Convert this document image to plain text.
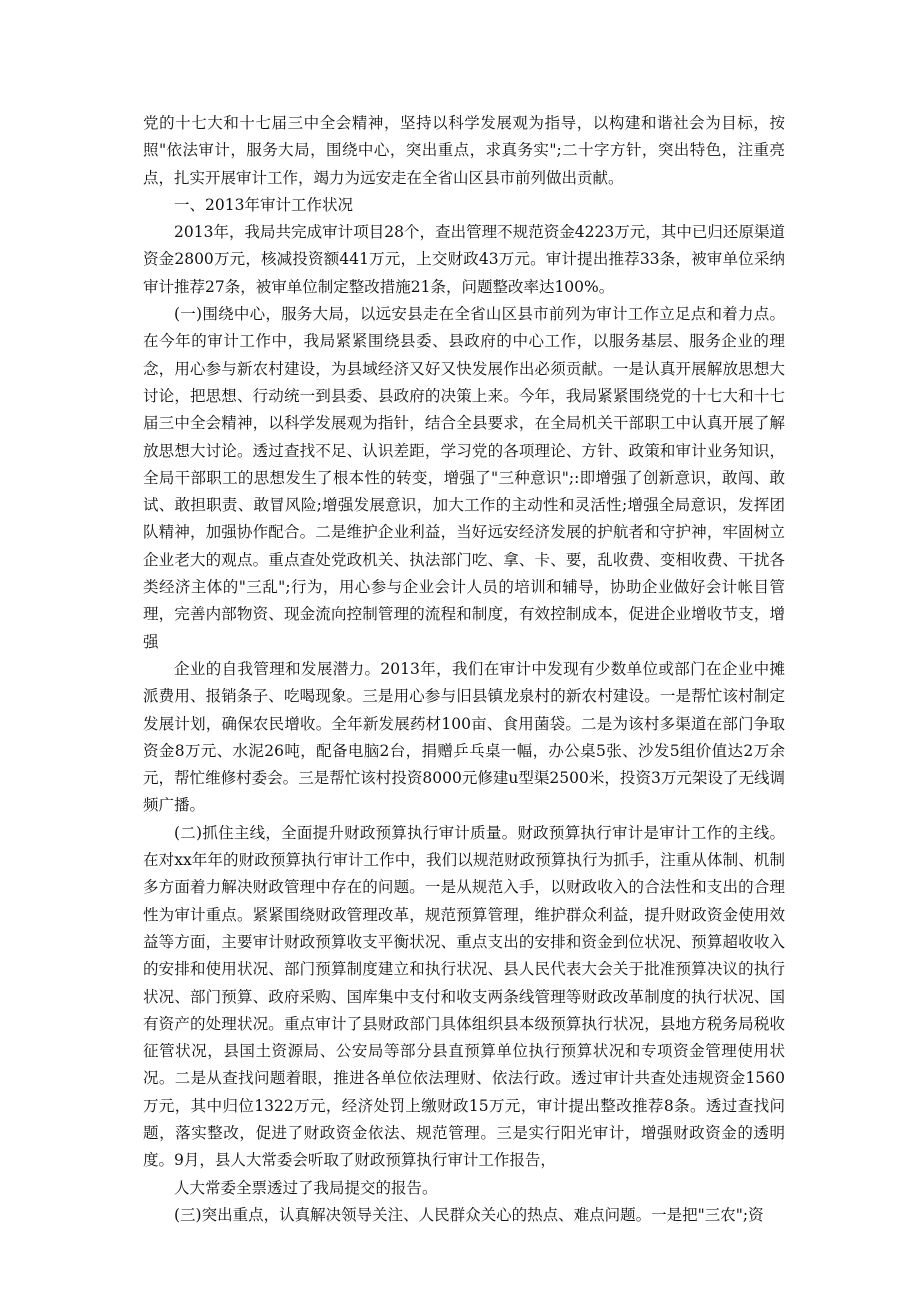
党的十七大和十七届三中全会精神，坚持以科学发展观为指导，以构建和谐社会为目标，按照"依法审计，服务大局，围绕中心，突出重点，求真务实";二十字方针，突出特色，注重亮点，扎实开展审计工作，竭力为远安走在全省山区县市前列做出贡献。

一、2013年审计工作状况

2013年，我局共完成审计项目28个，查出管理不规范资金4223万元，其中已归还原渠道资金2800万元，核减投资额441万元，上交财政43万元。审计提出推荐33条，被审单位采纳审计推荐27条，被审单位制定整改措施21条，问题整改率达100%。

(一)围绕中心，服务大局，以远安县走在全省山区县市前列为审计工作立足点和着力点。在今年的审计工作中，我局紧紧围绕县委、县政府的中心工作，以服务基层、服务企业的理念，用心参与新农村建设，为县域经济又好又快发展作出必须贡献。一是认真开展解放思想大讨论，把思想、行动统一到县委、县政府的决策上来。今年，我局紧紧围绕党的十七大和十七届三中全会精神，以科学发展观为指针，结合全县要求，在全局机关干部职工中认真开展了解放思想大讨论。透过查找不足、认识差距，学习党的各项理论、方针、政策和审计业务知识，全局干部职工的思想发生了根本性的转变，增强了"三种意识";:即增强了创新意识，敢闯、敢试、敢担职责、敢冒风险;增强发展意识，加大工作的主动性和灵活性;增强全局意识，发挥团队精神，加强协作配合。二是维护企业利益，当好远安经济发展的护航者和守护神，牢固树立企业老大的观点。重点查处党政机关、执法部门吃、拿、卡、要，乱收费、变相收费、干扰各类经济主体的"三乱";行为，用心参与企业会计人员的培训和辅导，协助企业做好会计帐目管理，完善内部物资、现金流向控制管理的流程和制度，有效控制成本，促进企业增收节支，增强

企业的自我管理和发展潜力。2013年，我们在审计中发现有少数单位或部门在企业中摊派费用、报销条子、吃喝现象。三是用心参与旧县镇龙泉村的新农村建设。一是帮忙该村制定发展计划，确保农民增收。全年新发展药材100亩、食用菌袋。二是为该村多渠道在部门争取资金8万元、水泥26吨，配备电脑2台，捐赠乒乓桌一幅，办公桌5张、沙发5组价值达2万余元，帮忙维修村委会。三是帮忙该村投资8000元修建u型渠2500米，投资3万元架设了无线调频广播。

(二)抓住主线，全面提升财政预算执行审计质量。财政预算执行审计是审计工作的主线。在对xx年年的财政预算执行审计工作中，我们以规范财政预算执行为抓手，注重从体制、机制多方面着力解决财政管理中存在的问题。一是从规范入手，以财政收入的合法性和支出的合理性为审计重点。紧紧围绕财政管理改革，规范预算管理，维护群众利益，提升财政资金使用效益等方面，主要审计财政预算收支平衡状况、重点支出的安排和资金到位状况、预算超收收入的安排和使用状况、部门预算制度建立和执行状况、县人民代表大会关于批准预算决议的执行状况、部门预算、政府采购、国库集中支付和收支两条线管理等财政改革制度的执行状况、国有资产的处理状况。重点审计了县财政部门具体组织县本级预算执行状况，县地方税务局税收征管状况，县国土资源局、公安局等部分县直预算单位执行预算状况和专项资金管理使用状况。二是从查找问题着眼，推进各单位依法理财、依法行政。透过审计共查处违规资金1560万元，其中归位1322万元，经济处罚上缴财政15万元，审计提出整改推荐8条。透过查找问题，落实整改，促进了财政资金依法、规范管理。三是实行阳光审计，增强财政资金的透明度。9月，县人大常委会听取了财政预算执行审计工作报告，

人大常委全票透过了我局提交的报告。

(三)突出重点，认真解决领导关注、人民群众关心的热点、难点问题。一是把"三农";资
